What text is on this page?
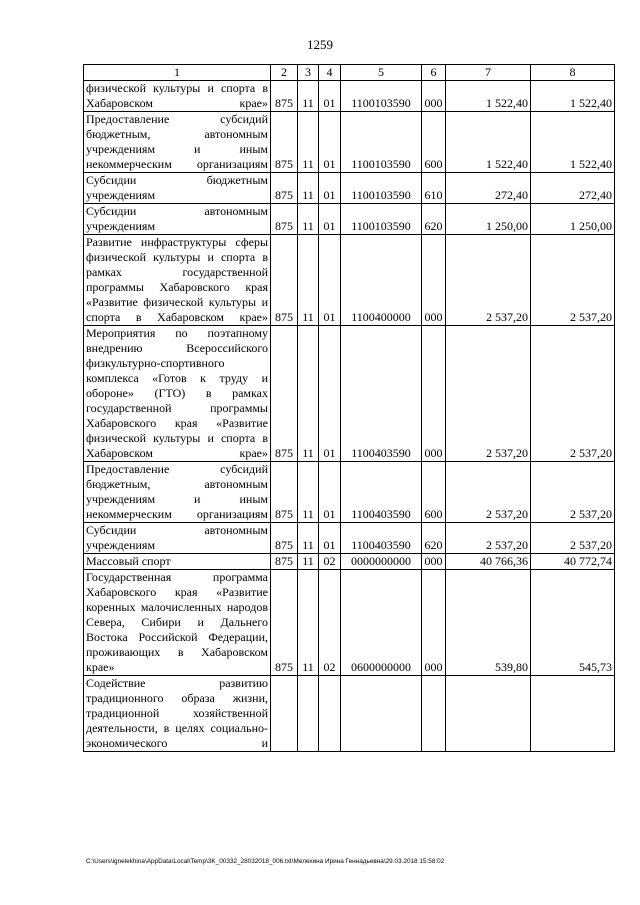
1259
1	2	3	4	5	6	7	8
физической культуры и спорта в Хабаровском крае»	875	11	01	1100103590	000	1 522,40	1 522,40
Предоставление субсидий бюджетным, автономным учреждениям и иным некоммерческим организациям	875	11	01	1100103590	600	1 522,40	1 522,40
Субсидии бюджетным учреждениям	875	11	01	1100103590	610	272,40	272,40
Субсидии автономным учреждениям	875	11	01	1100103590	620	1 250,00	1 250,00
Развитие инфраструктуры сферы физической культуры и спорта в рамках государственной программы Хабаровского края «Развитие физической культуры и спорта в Хабаровском крае»	875	11	01	1100400000	000	2 537,20	2 537,20
Мероприятия по поэтапному внедрению Всероссийского физкультурно-спортивного комплекса «Готов к труду и обороне» (ГТО) в рамках государственной программы Хабаровского края «Развитие физической культуры и спорта в Хабаровском крае»	875	11	01	1100403590	000	2 537,20	2 537,20
Предоставление субсидий бюджетным, автономным учреждениям и иным некоммерческим организациям	875	11	01	1100403590	600	2 537,20	2 537,20
Субсидии автономным учреждениям	875	11	01	1100403590	620	2 537,20	2 537,20
Массовый спорт	875	11	02	0000000000	000	40 766,36	40 772,74
Государственная программа Хабаровского края «Развитие коренных малочисленных народов Севера, Сибири и Дальнего Востока Российской Федерации, проживающих в Хабаровском крае»	875	11	02	0600000000	000	539,80	545,73
Содействие развитию традиционного образа жизни, традиционной хозяйственной деятельности, в целях социально-экономического и							
C:\Users\ignelekhina\AppData\Local\Temp\3K_00332_28032018_006.txt\Мелехина Ирина Геннадьевна\29.03.2018 15:58:02
